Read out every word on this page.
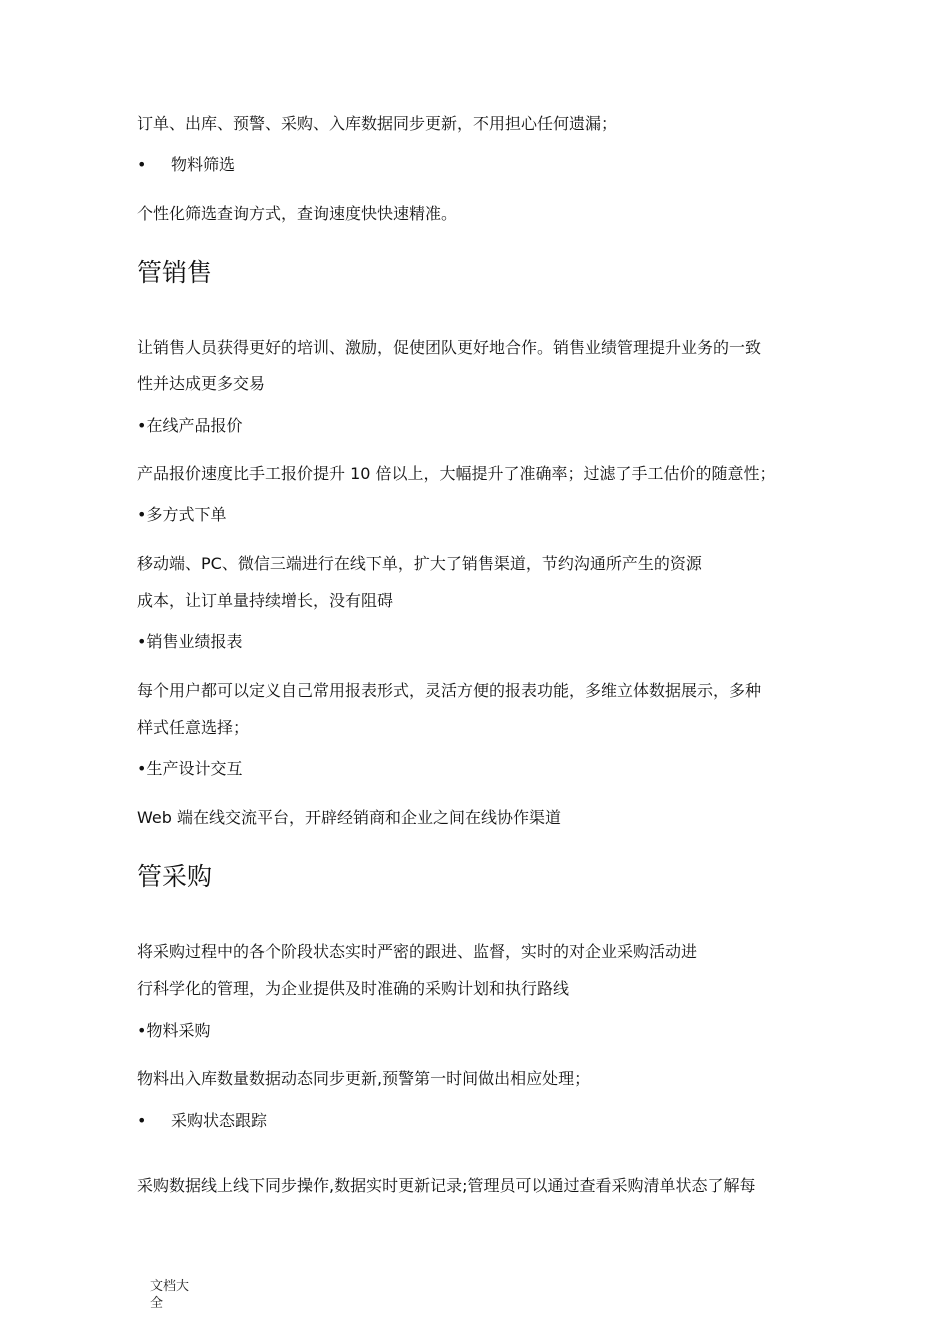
订单、出库、预警、采购、入库数据同步更新，不用担心任何遗漏；
• 物料筛选
个性化筛选查询方式，查询速度快快速精准。
管销售
让销售人员获得更好的培训、激励，促使团队更好地合作。销售业绩管理提升业务的一致
性并达成更多交易
•在线产品报价
产品报价速度比手工报价提升 10 倍以上，大幅提升了准确率；过滤了手工估价的随意性；
•多方式下单
移动端、PC、微信三端进行在线下单，扩大了销售渠道，节约沟通所产生的资源
成本，让订单量持续增长，没有阻碍
•销售业绩报表
每个用户都可以定义自己常用报表形式，灵活方便的报表功能，多维立体数据展示，多种
样式任意选择；
•生产设计交互
Web 端在线交流平台，开辟经销商和企业之间在线协作渠道
管采购
将采购过程中的各个阶段状态实时严密的跟进、监督，实时的对企业采购活动进
行科学化的管理，为企业提供及时准确的采购计划和执行路线
•物料采购
物料出入库数量数据动态同步更新,预警第一时间做出相应处理；
• 采购状态跟踪
采购数据线上线下同步操作,数据实时更新记录;管理员可以通过查看采购清单状态了解每
文档大
全
